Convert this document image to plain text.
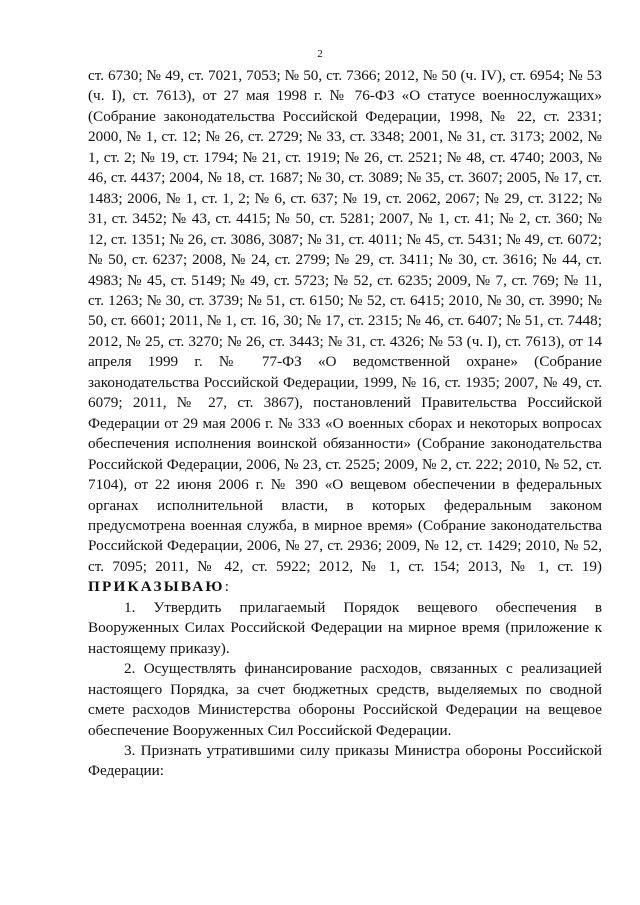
2

ст. 6730; № 49, ст. 7021, 7053; № 50, ст. 7366; 2012, № 50 (ч. IV), ст. 6954; № 53 (ч. I), ст. 7613), от 27 мая 1998 г. № 76-ФЗ «О статусе военнослужащих» (Собрание законодательства Российской Федерации, 1998, № 22, ст. 2331; 2000, № 1, ст. 12; № 26, ст. 2729; № 33, ст. 3348; 2001, № 31, ст. 3173; 2002, № 1, ст. 2; № 19, ст. 1794; № 21, ст. 1919; № 26, ст. 2521; № 48, ст. 4740; 2003, № 46, ст. 4437; 2004, № 18, ст. 1687; № 30, ст. 3089; № 35, ст. 3607; 2005, № 17, ст. 1483; 2006, № 1, ст. 1, 2; № 6, ст. 637; № 19, ст. 2062, 2067; № 29, ст. 3122; № 31, ст. 3452; № 43, ст. 4415; № 50, ст. 5281; 2007, № 1, ст. 41; № 2, ст. 360; № 12, ст. 1351; № 26, ст. 3086, 3087; № 31, ст. 4011; № 45, ст. 5431; № 49, ст. 6072; № 50, ст. 6237; 2008, № 24, ст. 2799; № 29, ст. 3411; № 30, ст. 3616; № 44, ст. 4983; № 45, ст. 5149; № 49, ст. 5723; № 52, ст. 6235; 2009, № 7, ст. 769; № 11, ст. 1263; № 30, ст. 3739; № 51, ст. 6150; № 52, ст. 6415; 2010, № 30, ст. 3990; № 50, ст. 6601; 2011, № 1, ст. 16, 30; № 17, ст. 2315; № 46, ст. 6407; № 51, ст. 7448; 2012, № 25, ст. 3270; № 26, ст. 3443; № 31, ст. 4326; № 53 (ч. I), ст. 7613), от 14 апреля 1999 г. № 77-ФЗ «О ведомственной охране» (Собрание законодательства Российской Федерации, 1999, № 16, ст. 1935; 2007, № 49, ст. 6079; 2011, № 27, ст. 3867), постановлений Правительства Российской Федерации от 29 мая 2006 г. № 333 «О военных сборах и некоторых вопросах обеспечения исполнения воинской обязанности» (Собрание законодательства Российской Федерации, 2006, № 23, ст. 2525; 2009, № 2, ст. 222; 2010, № 52, ст. 7104), от 22 июня 2006 г. № 390 «О вещевом обеспечении в федеральных органах исполнительной власти, в которых федеральным законом предусмотрена военная служба, в мирное время» (Собрание законодательства Российской Федерации, 2006, № 27, ст. 2936; 2009, № 12, ст. 1429; 2010, № 52, ст. 7095; 2011, № 42, ст. 5922; 2012, № 1, ст. 154; 2013, № 1, ст. 19) ПРИКАЗЫВАЮ:

1. Утвердить прилагаемый Порядок вещевого обеспечения в Вооруженных Силах Российской Федерации на мирное время (приложение к настоящему приказу).

2. Осуществлять финансирование расходов, связанных с реализацией настоящего Порядка, за счет бюджетных средств, выделяемых по сводной смете расходов Министерства обороны Российской Федерации на вещевое обеспечение Вооруженных Сил Российской Федерации.

3. Признать утратившими силу приказы Министра обороны Российской Федерации:
